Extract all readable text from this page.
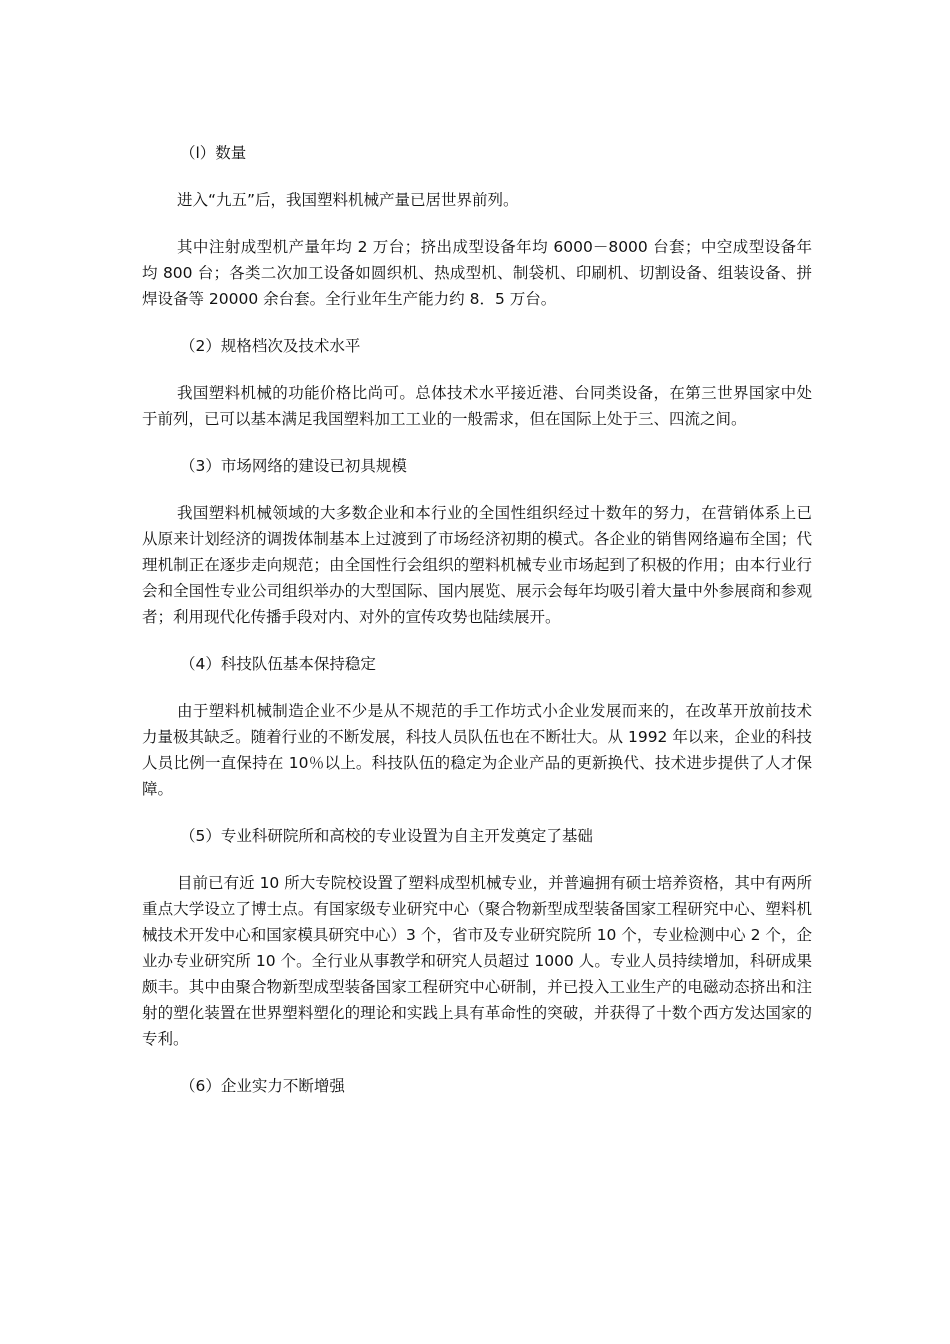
（l）数量

进入“九五”后，我国塑料机械产量已居世界前列。

其中注射成型机产量年均 2 万台；挤出成型设备年均 6000－8000 台套；中空成型设备年均 800 台；各类二次加工设备如圆织机、热成型机、制袋机、印刷机、切割设备、组装设备、拼焊设备等 20000 余台套。全行业年生产能力约 8．5 万台。

（2）规格档次及技术水平

我国塑料机械的功能价格比尚可。总体技术水平接近港、台同类设备，在第三世界国家中处于前列，已可以基本满足我国塑料加工工业的一般需求，但在国际上处于三、四流之间。

（3）市场网络的建设已初具规模

我国塑料机械领域的大多数企业和本行业的全国性组织经过十数年的努力，在营销体系上已从原来计划经济的调拨体制基本上过渡到了市场经济初期的模式。各企业的销售网络遍布全国；代理机制正在逐步走向规范；由全国性行会组织的塑料机械专业市场起到了积极的作用；由本行业行会和全国性专业公司组织举办的大型国际、国内展览、展示会每年均吸引着大量中外参展商和参观者；利用现代化传播手段对内、对外的宣传攻势也陆续展开。

（4）科技队伍基本保持稳定

由于塑料机械制造企业不少是从不规范的手工作坊式小企业发展而来的，在改革开放前技术力量极其缺乏。随着行业的不断发展，科技人员队伍也在不断壮大。从 1992 年以来，企业的科技人员比例一直保持在 10％以上。科技队伍的稳定为企业产品的更新换代、技术进步提供了人才保障。

（5）专业科研院所和高校的专业设置为自主开发奠定了基础

目前已有近 10 所大专院校设置了塑料成型机械专业，并普遍拥有硕士培养资格，其中有两所重点大学设立了博士点。有国家级专业研究中心（聚合物新型成型装备国家工程研究中心、塑料机械技术开发中心和国家模具研究中心）3 个，省市及专业研究院所 10 个，专业检测中心 2 个，企业办专业研究所 10 个。全行业从事教学和研究人员超过 1000 人。专业人员持续增加，科研成果颇丰。其中由聚合物新型成型装备国家工程研究中心研制，并已投入工业生产的电磁动态挤出和注射的塑化装置在世界塑料塑化的理论和实践上具有革命性的突破，并获得了十数个西方发达国家的专利。

（6）企业实力不断增强
